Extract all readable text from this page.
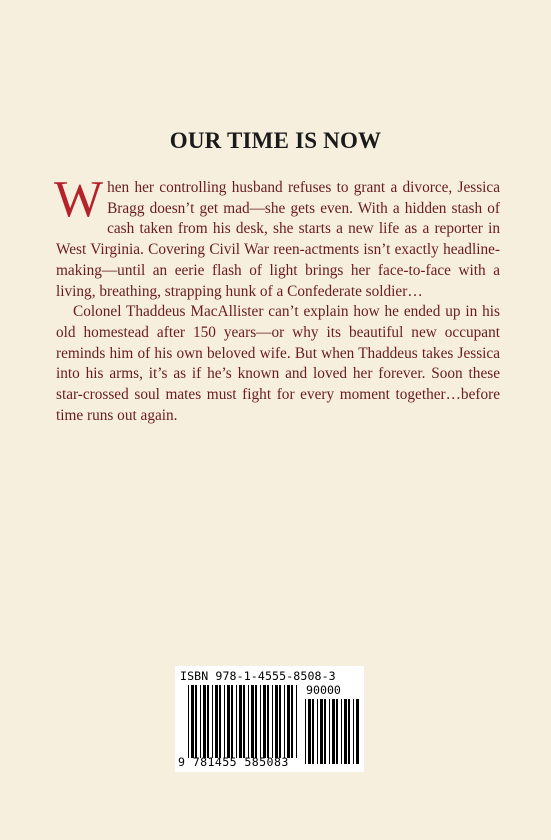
OUR TIME IS NOW

When her controlling husband refuses to grant a divorce, Jessica Bragg doesn’t get mad—she gets even. With a hidden stash of cash taken from his desk, she starts a new life as a reporter in West Virginia. Covering Civil War reen-actments isn’t exactly headline-making—until an eerie flash of light brings her face-to-face with a living, breathing, strapping hunk of a Confederate soldier…

Colonel Thaddeus MacAllister can’t explain how he ended up in his old homestead after 150 years—or why its beautiful new occupant reminds him of his own beloved wife. But when Thaddeus takes Jessica into his arms, it’s as if he’s known and loved her forever. Soon these star-crossed soul mates must fight for every moment together…before time runs out again.

ISBN 978-1-4555-8508-3
90000
9 781455 585083
